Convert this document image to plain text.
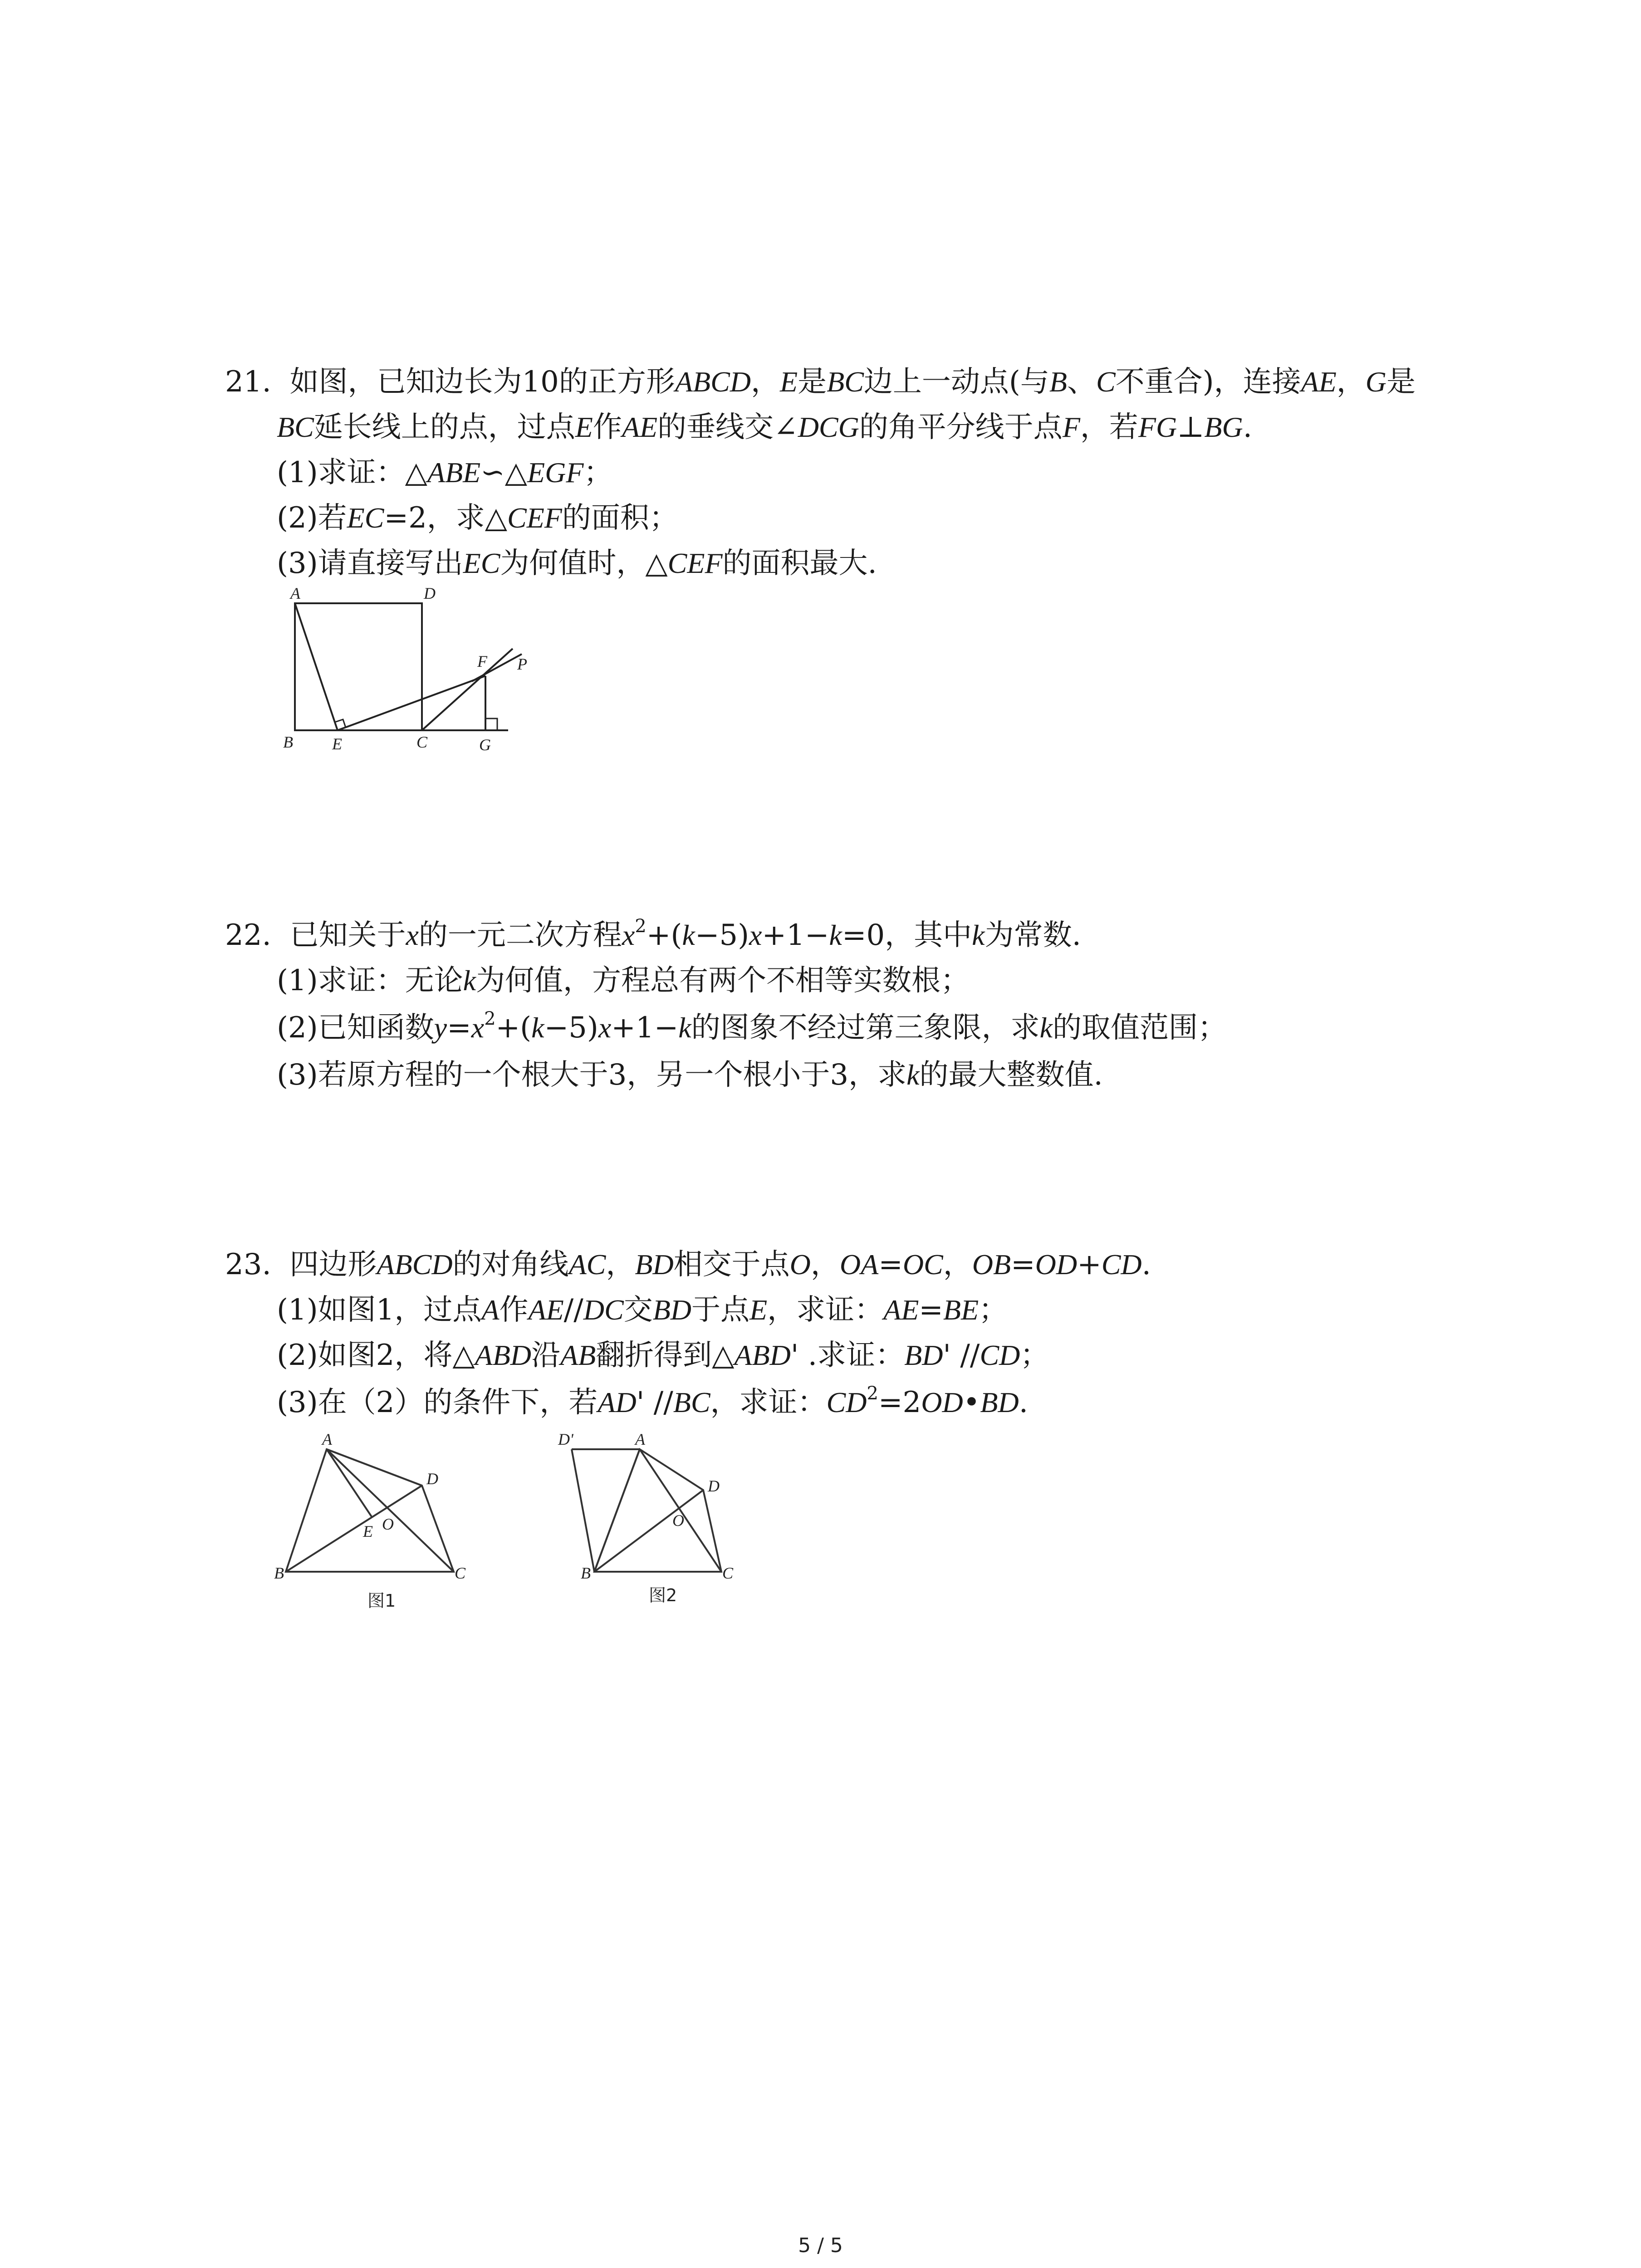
21. 如图，已知边长为10的正方形ABCD，E是BC边上一动点(与B、C不重合)，连接AE，G是
BC延长线上的点，过点E作AE的垂线交∠DCG的角平分线于点F，若FG⊥BG.
(1)求证：△ABE∽△EGF；
(2)若EC=2，求△CEF的面积；
(3)请直接写出EC为何值时，△CEF的面积最大.
A	D
B E	C	G
F P
22. 已知关于x的一元二次方程$x^2+(k-5)x+1-k=0$，其中k为常数.
(1)求证：无论k为何值，方程总有两个不相等实数根；
(2)已知函数$y=x^2+(k-5)x+1-k$的图象不经过第三象限，求k的取值范围；
(3)若原方程的一个根大于3，另一个根小于3，求k的最大整数值.
23. 四边形ABCD的对角线AC，BD相交于点O，OA=OC，OB=OD+CD.
(1)如图1，过点A作AE//DC交BD于点E，求证：AE=BE；
(2)如图2，将△ABD沿AB翻折得到△ABD' .求证：BD' //CD；
(3)在（2）的条件下，若AD' //BC，求证：$CD^2=2OD•BD$.
A
D
E O
B	C
图1
D'	A
D
O
B	C
图2
5 / 5
